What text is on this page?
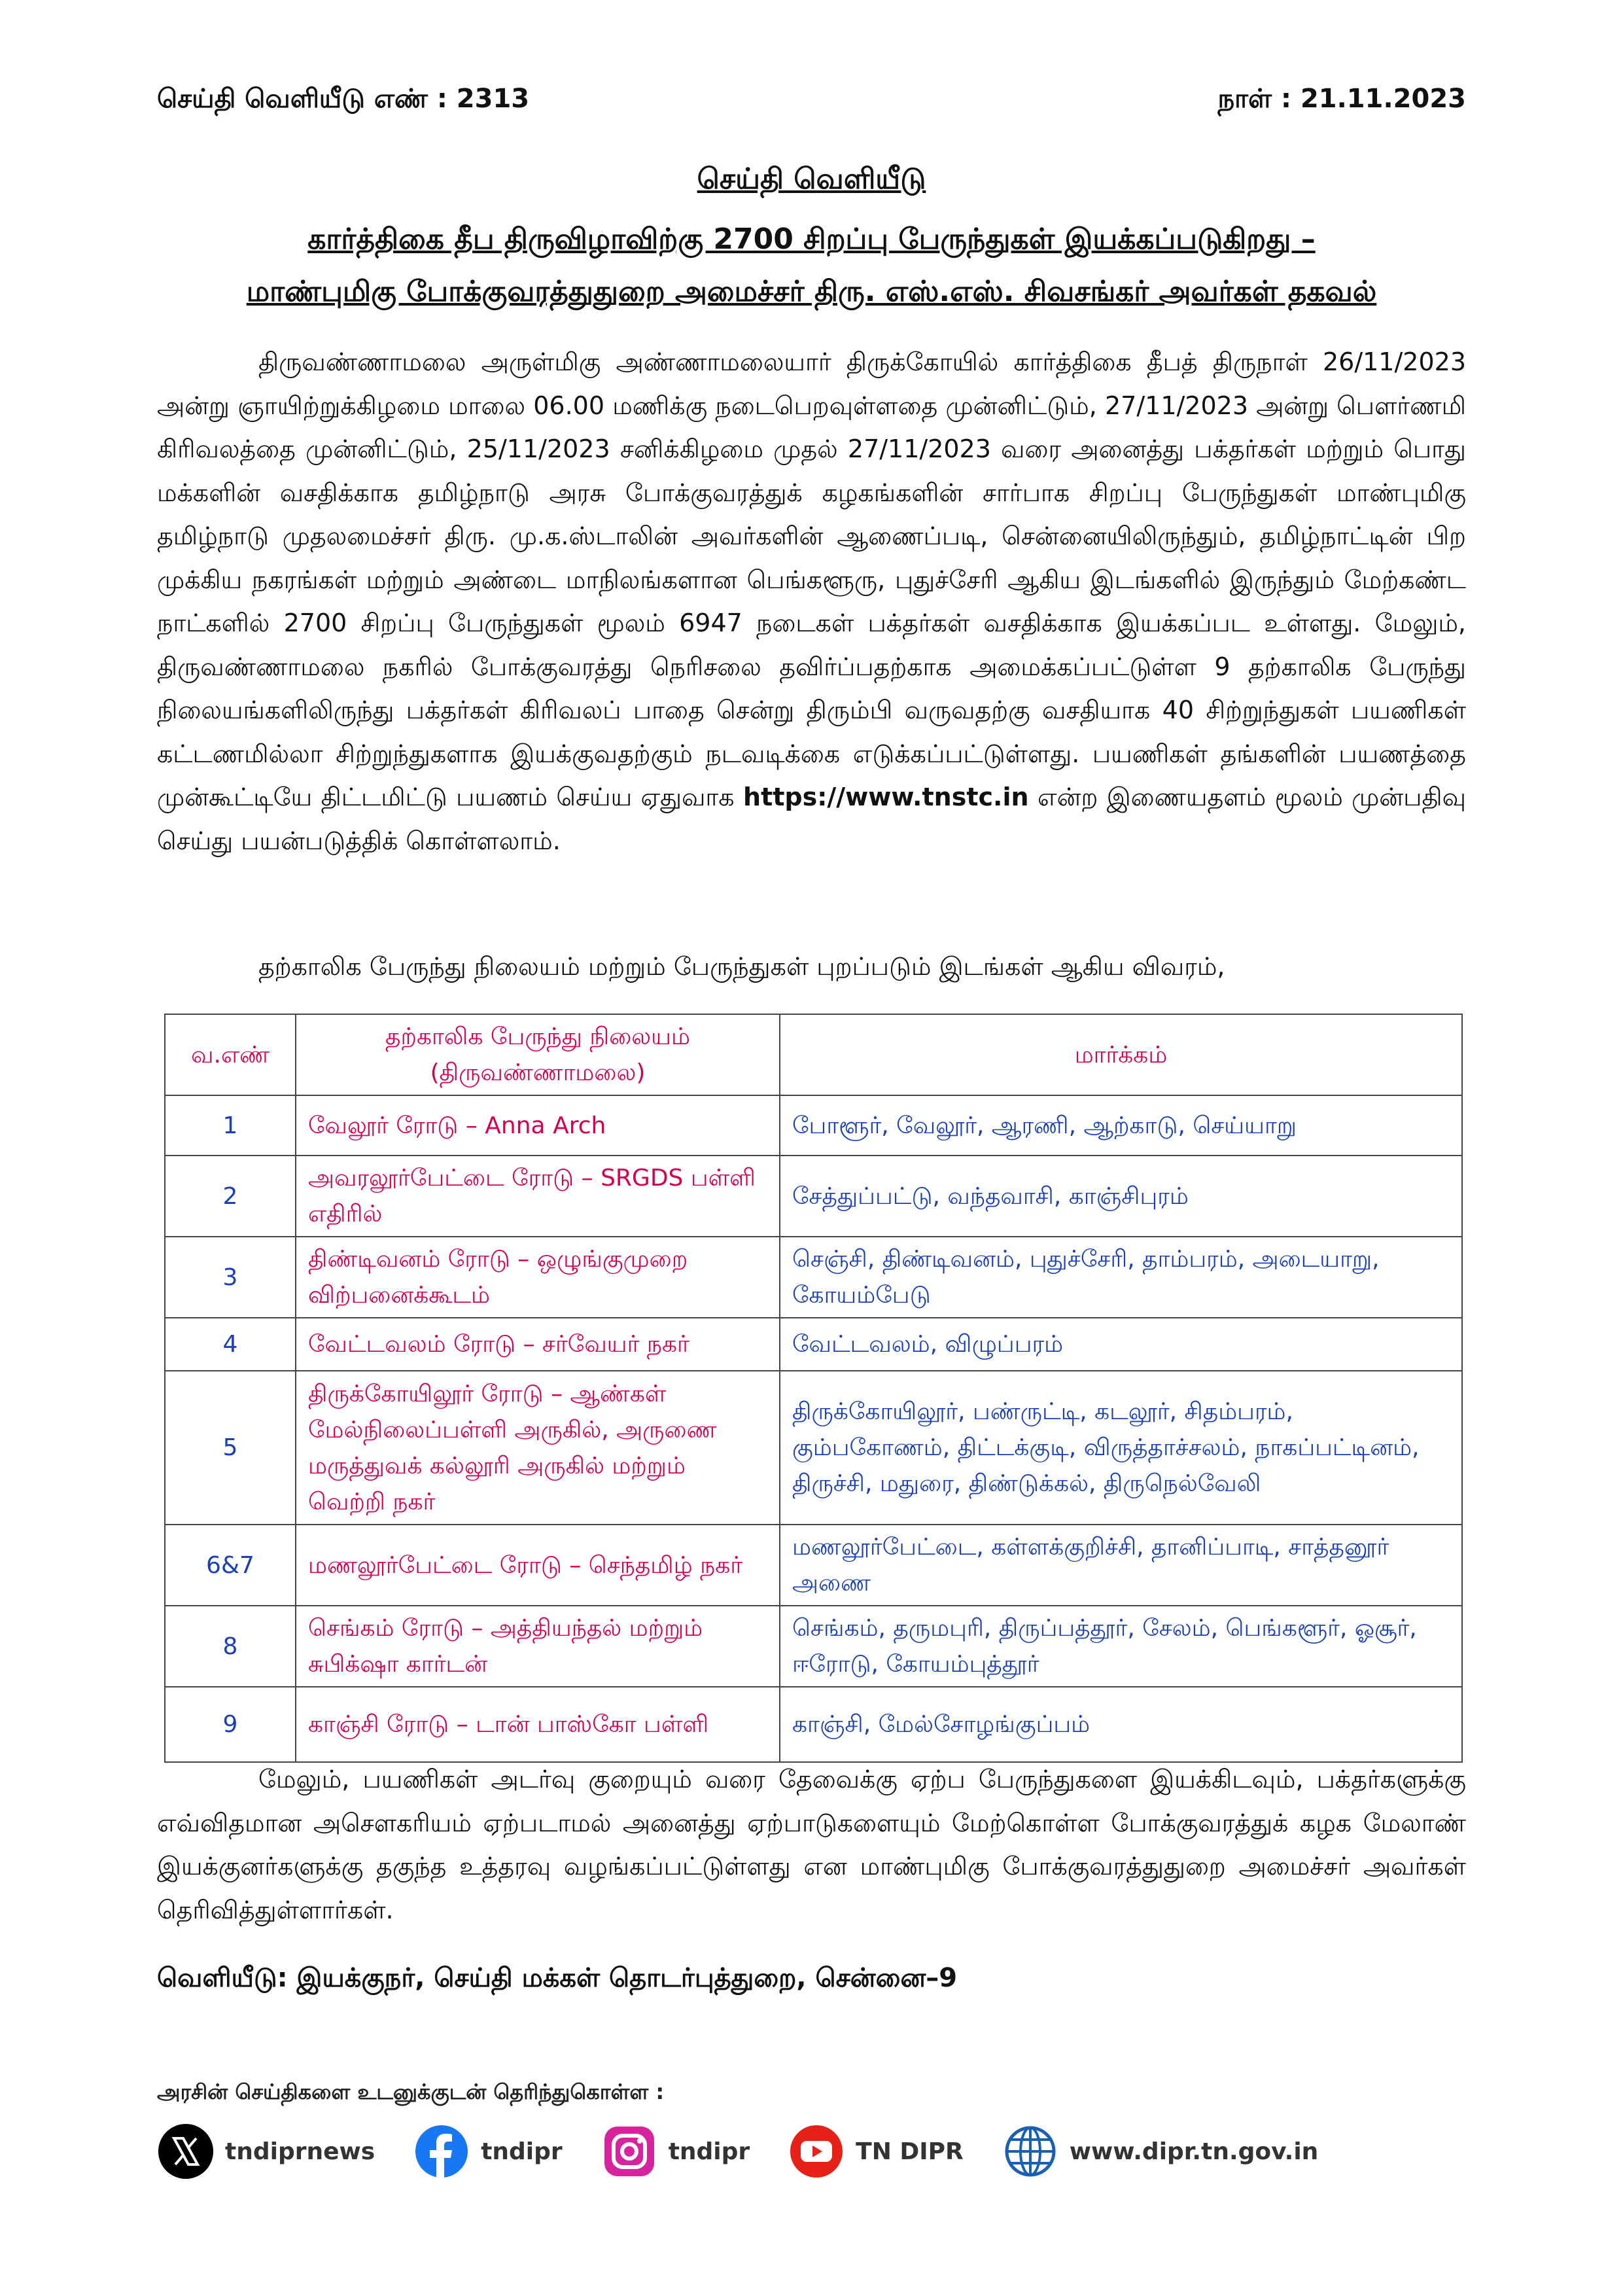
செய்தி வெளியீடு எண் : 2313	நாள் : 21.11.2023
செய்தி வெளியீடு
கார்த்திகை தீப திருவிழாவிற்கு 2700 சிறப்பு பேருந்துகள் இயக்கப்படுகிறது –
மாண்புமிகு போக்குவரத்துதுறை அமைச்சர் திரு. எஸ்.எஸ். சிவசங்கர் அவர்கள் தகவல்
திருவண்ணாமலை அருள்மிகு அண்ணாமலையார் திருக்கோயில் கார்த்திகை தீபத் திருநாள் 26/11/2023 அன்று ஞாயிற்றுக்கிழமை மாலை 06.00 மணிக்கு நடைபெறவுள்ளதை முன்னிட்டும், 27/11/2023 அன்று பௌர்ணமி கிரிவலத்தை முன்னிட்டும், 25/11/2023 சனிக்கிழமை முதல் 27/11/2023 வரை அனைத்து பக்தர்கள் மற்றும் பொது மக்களின் வசதிக்காக தமிழ்நாடு அரசு போக்குவரத்துக் கழகங்களின் சார்பாக சிறப்பு பேருந்துகள் மாண்புமிகு தமிழ்நாடு முதலமைச்சர் திரு. மு.க.ஸ்டாலின் அவர்களின் ஆணைப்படி, சென்னையிலிருந்தும், தமிழ்நாட்டின் பிற முக்கிய நகரங்கள் மற்றும் அண்டை மாநிலங்களான பெங்களூரு, புதுச்சேரி ஆகிய இடங்களில் இருந்தும் மேற்கண்ட நாட்களில் 2700 சிறப்பு பேருந்துகள் மூலம் 6947 நடைகள் பக்தர்கள் வசதிக்காக இயக்கப்பட உள்ளது. மேலும், திருவண்ணாமலை நகரில் போக்குவரத்து நெரிசலை தவிர்ப்பதற்காக அமைக்கப்பட்டுள்ள 9 தற்காலிக பேருந்து நிலையங்களிலிருந்து பக்தர்கள் கிரிவலப் பாதை சென்று திரும்பி வருவதற்கு வசதியாக 40 சிற்றுந்துகள் பயணிகள் கட்டணமில்லா சிற்றுந்துகளாக இயக்குவதற்கும் நடவடிக்கை எடுக்கப்பட்டுள்ளது. பயணிகள் தங்களின் பயணத்தை முன்கூட்டியே திட்டமிட்டு பயணம் செய்ய ஏதுவாக https://www.tnstc.in என்ற இணையதளம் மூலம் முன்பதிவு செய்து பயன்படுத்திக் கொள்ளலாம்.
தற்காலிக பேருந்து நிலையம் மற்றும் பேருந்துகள் புறப்படும் இடங்கள் ஆகிய விவரம்,
வ.எண்	தற்காலிக பேருந்து நிலையம் (திருவண்ணாமலை)	மார்க்கம்
1	வேலூர் ரோடு – Anna Arch	போளூர், வேலூர், ஆரணி, ஆற்காடு, செய்யாறு
2	அவரலூர்பேட்டை ரோடு – SRGDS பள்ளி எதிரில்	சேத்துப்பட்டு, வந்தவாசி, காஞ்சிபுரம்
3	திண்டிவனம் ரோடு – ஒழுங்குமுறை விற்பனைக்கூடம்	செஞ்சி, திண்டிவனம், புதுச்சேரி, தாம்பரம், அடையாறு, கோயம்பேடு
4	வேட்டவலம் ரோடு – சர்வேயர் நகர்	வேட்டவலம், விழுப்பரம்
5	திருக்கோயிலூர் ரோடு – ஆண்கள் மேல்நிலைப்பள்ளி அருகில், அருணை மருத்துவக் கல்லூரி அருகில் மற்றும் வெற்றி நகர்	திருக்கோயிலூர், பண்ருட்டி, கடலூர், சிதம்பரம், கும்பகோணம், திட்டக்குடி, விருத்தாச்சலம், நாகப்பட்டினம், திருச்சி, மதுரை, திண்டுக்கல், திருநெல்வேலி
6&7	மணலூர்பேட்டை ரோடு – செந்தமிழ் நகர்	மணலூர்பேட்டை, கள்ளக்குறிச்சி, தானிப்பாடி, சாத்தனூர் அணை
8	செங்கம் ரோடு – அத்தியந்தல் மற்றும் சுபிக்‌ஷா கார்டன்	செங்கம், தருமபுரி, திருப்பத்தூர், சேலம், பெங்களூர், ஓசூர், ஈரோடு, கோயம்புத்தூர்
9	காஞ்சி ரோடு – டான் பாஸ்கோ பள்ளி	காஞ்சி, மேல்சோழங்குப்பம்
மேலும், பயணிகள் அடர்வு குறையும் வரை தேவைக்கு ஏற்ப பேருந்துகளை இயக்கிடவும், பக்தர்களுக்கு எவ்விதமான அசௌகரியம் ஏற்படாமல் அனைத்து ஏற்பாடுகளையும் மேற்கொள்ள போக்குவரத்துக் கழக மேலாண் இயக்குனர்களுக்கு தகுந்த உத்தரவு வழங்கப்பட்டுள்ளது என மாண்புமிகு போக்குவரத்துதுறை அமைச்சர் அவர்கள் தெரிவித்துள்ளார்கள்.
வெளியீடு: இயக்குநர், செய்தி மக்கள் தொடர்புத்துறை, சென்னை–9
அரசின் செய்திகளை உடனுக்குடன் தெரிந்துகொள்ள :
tndiprnews	tndipr	tndipr	TN DIPR	www.dipr.tn.gov.in
